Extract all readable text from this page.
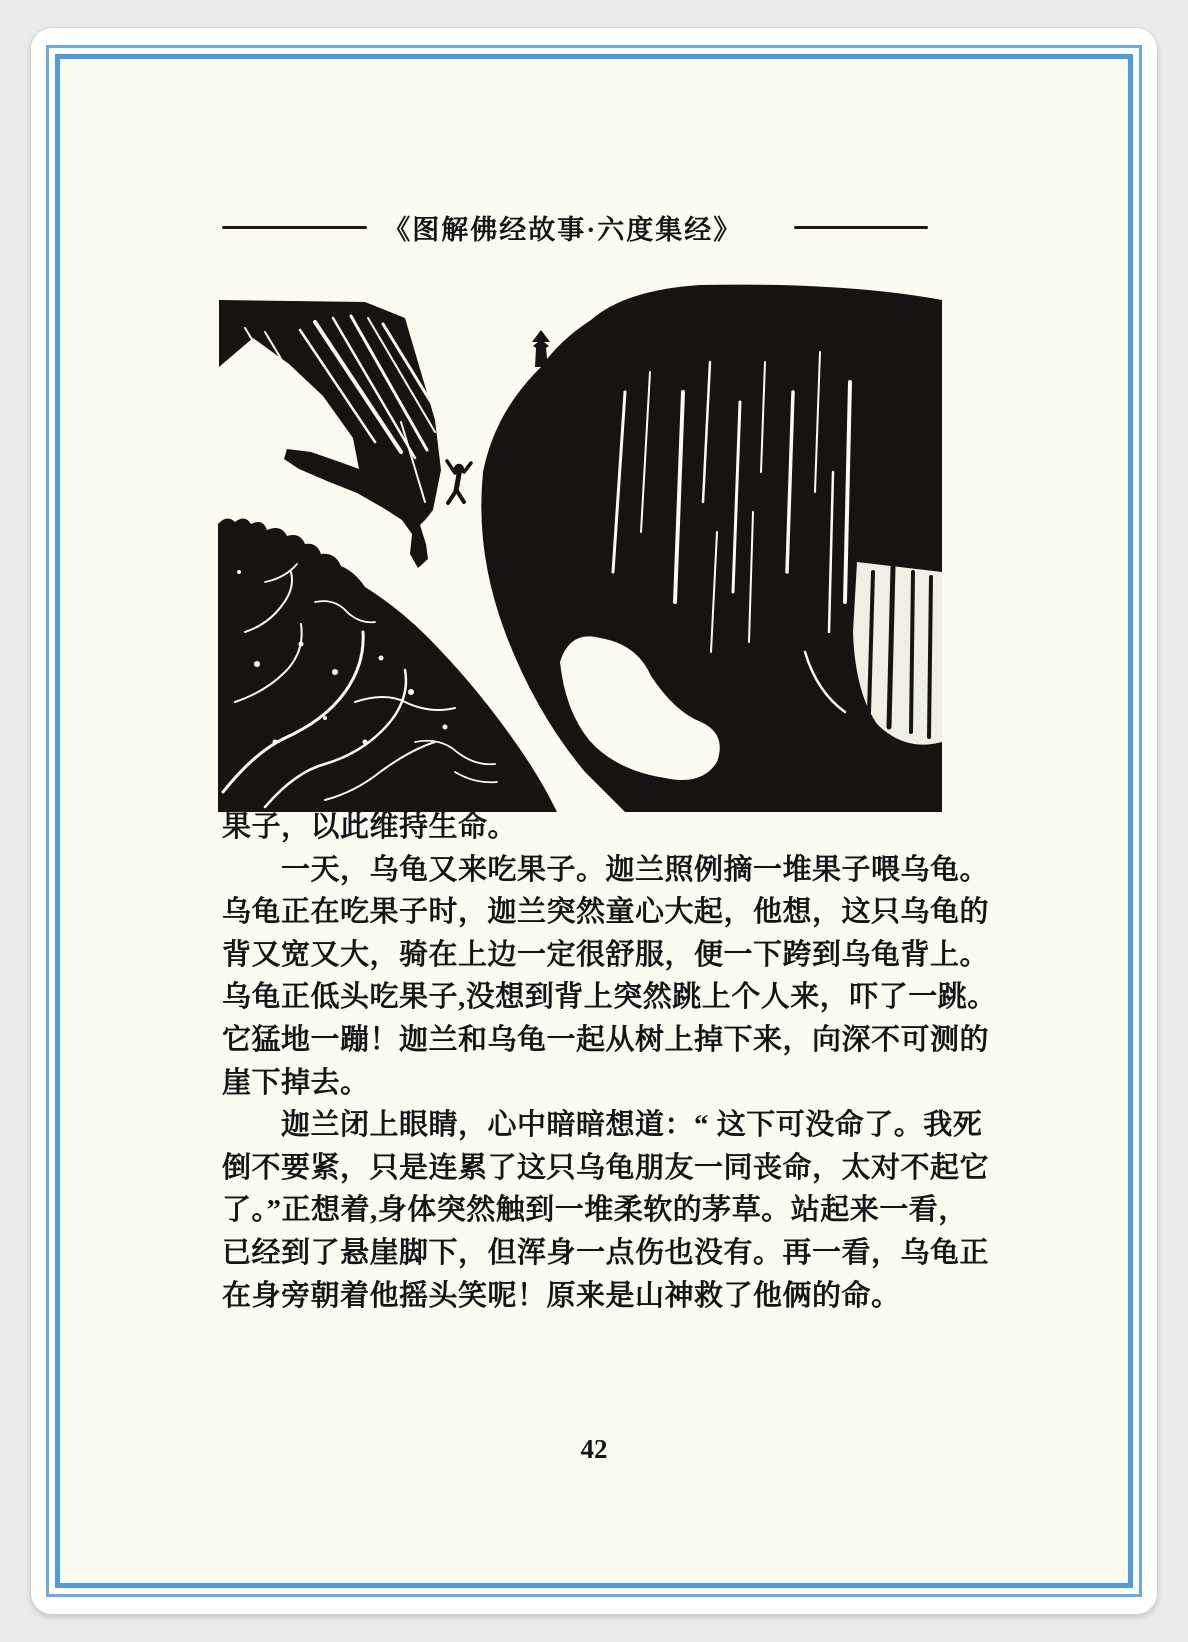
《图解佛经故事·六度集经》
果子，以此维持生命。
　　一天，乌龟又来吃果子。迦兰照例摘一堆果子喂乌龟。
乌龟正在吃果子时，迦兰突然童心大起，他想，这只乌龟的
背又宽又大，骑在上边一定很舒服，便一下跨到乌龟背上。
乌龟正低头吃果子,没想到背上突然跳上个人来，吓了一跳。
它猛地一蹦！迦兰和乌龟一起从树上掉下来，向深不可测的
崖下掉去。
　　迦兰闭上眼睛，心中暗暗想道：“ 这下可没命了。我死
倒不要紧，只是连累了这只乌龟朋友一同丧命，太对不起它
了。”正想着,身体突然触到一堆柔软的茅草。站起来一看，
已经到了悬崖脚下，但浑身一点伤也没有。再一看，乌龟正
在身旁朝着他摇头笑呢！原来是山神救了他俩的命。
42
